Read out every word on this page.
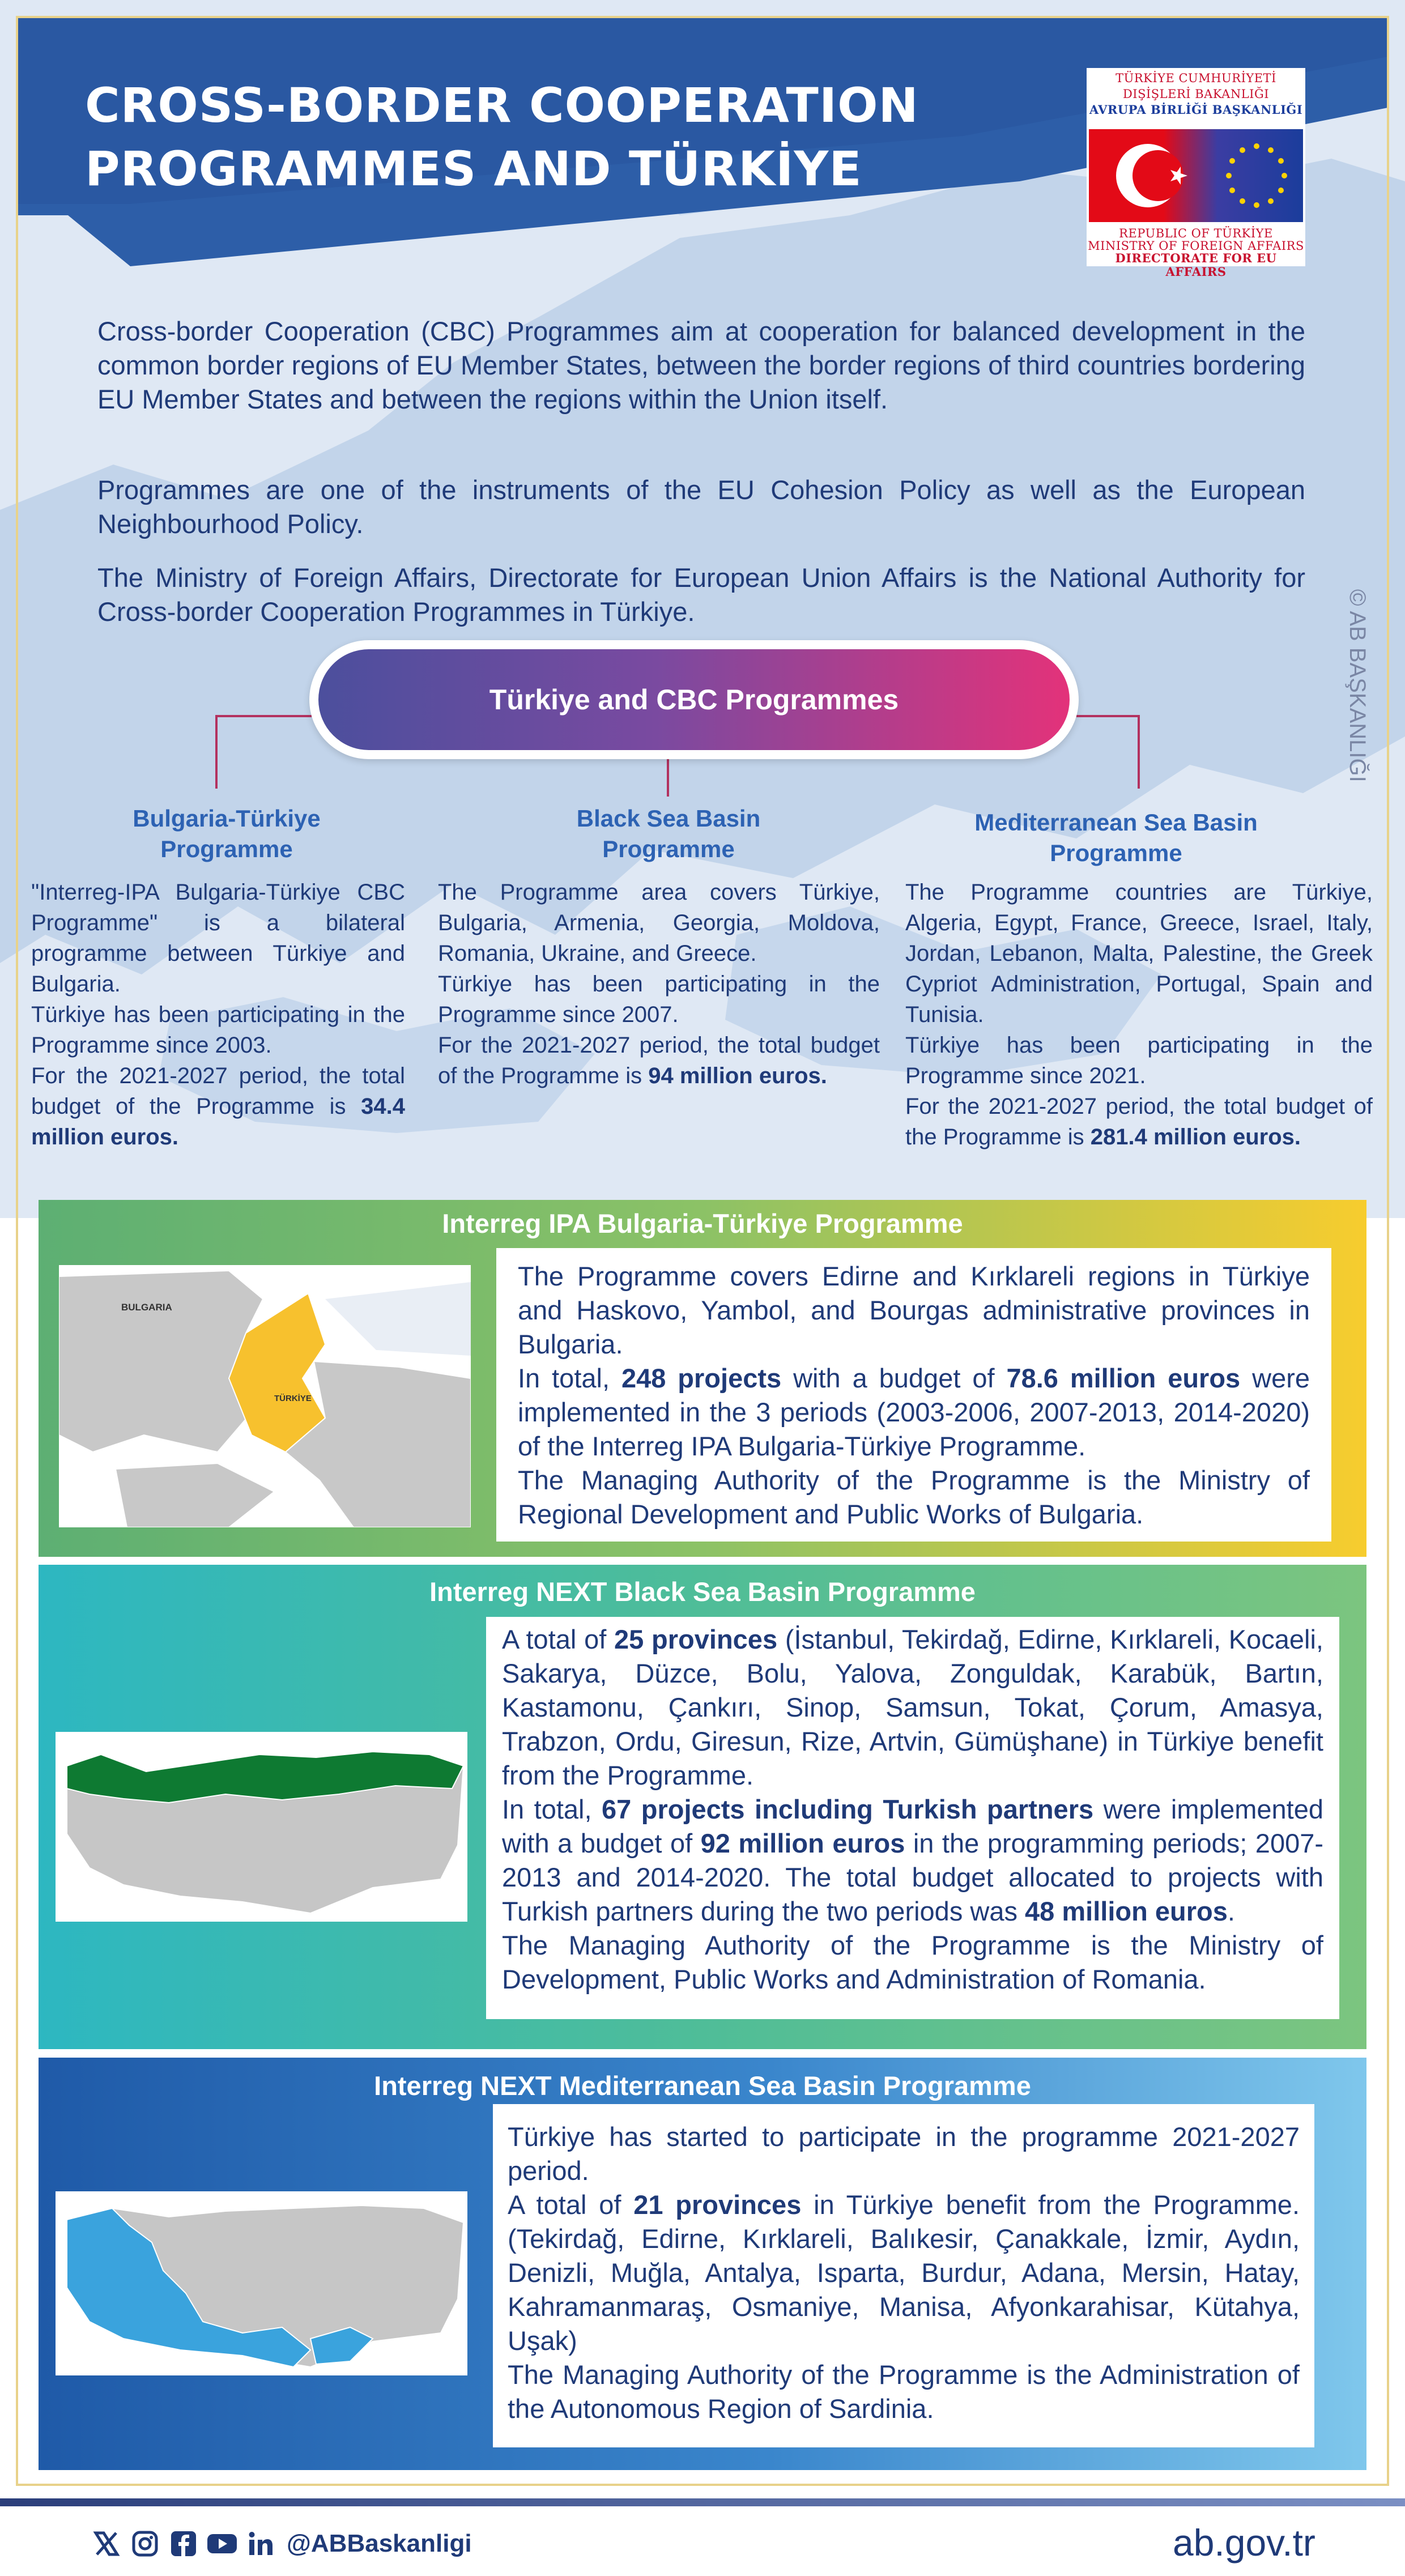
CROSS-BORDER COOPERATION
PROGRAMMES AND TÜRKİYE
TÜRKİYE CUMHURİYETİ
DIŞİŞLERİ BAKANLIĞI
AVRUPA BİRLİĞİ BAŞKANLIĞI
REPUBLIC OF TÜRKİYE
MINISTRY OF FOREIGN AFFAIRS
DIRECTORATE FOR EU AFFAIRS

Cross-border Cooperation (CBC) Programmes aim at cooperation for balanced development in the common border regions of EU Member States, between the border regions of third countries bordering EU Member States and between the regions within the Union itself.

Programmes are one of the instruments of the EU Cohesion Policy as well as the European Neighbourhood Policy.

The Ministry of Foreign Affairs, Directorate for European Union Affairs is the National Authority for Cross-border Cooperation Programmes in Türkiye.	© AB BAŞKANLIĞI
Türkiye and CBC Programmes
Bulgaria-Türkiye Programme

"Interreg-IPA Bulgaria-Türkiye CBC Programme" is a bilateral programme between Türkiye and Bulgaria.

Türkiye has been participating in the Programme since 2003.

For the 2021-2027 period, the total budget of the Programme is 34.4 million euros.

Black Sea Basin Programme

The Programme area covers Türkiye, Bulgaria, Armenia, Georgia, Moldova, Romania, Ukraine, and Greece.

Türkiye has been participating in the Programme since 2007.

For the 2021-2027 period, the total budget of the Programme is 94 million euros.

Mediterranean Sea Basin Programme

The Programme countries are Türkiye, Algeria, Egypt, France, Greece, Israel, Italy, Jordan, Lebanon, Malta, Palestine, the Greek Cypriot Administration, Portugal, Spain and Tunisia.

Türkiye has been participating in the Programme since 2021.

For the 2021-2027 period, the total budget of the Programme is 281.4 million euros.

Interreg IPA Bulgaria-Türkiye Programme
BULGARIA
TÜRKİYE

The Programme covers Edirne and Kırklareli regions in Türkiye and Haskovo, Yambol, and Bourgas administrative provinces in Bulgaria.

In total, 248 projects with a budget of 78.6 million euros were implemented in the 3 periods (2003-2006, 2007-2013, 2014-2020) of the Interreg IPA Bulgaria-Türkiye Programme.

The Managing Authority of the Programme is the Ministry of Regional Development and Public Works of Bulgaria.

Interreg NEXT Black Sea Basin Programme

A total of 25 provinces (İstanbul, Tekirdağ, Edirne, Kırklareli, Kocaeli, Sakarya, Düzce, Bolu, Yalova, Zonguldak, Karabük, Bartın, Kastamonu, Çankırı, Sinop, Samsun, Tokat, Çorum, Amasya, Trabzon, Ordu, Giresun, Rize, Artvin, Gümüşhane) in Türkiye benefit from the Programme.

In total, 67 projects including Turkish partners were implemented with a budget of 92 million euros in the programming periods; 2007-2013 and 2014-2020. The total budget allocated to projects with Turkish partners during the two periods was 48 million euros.

The Managing Authority of the Programme is the Ministry of Development, Public Works and Administration of Romania.

Interreg NEXT Mediterranean Sea Basin Programme

Türkiye has started to participate in the programme 2021-2027 period.

A total of 21 provinces in Türkiye benefit from the Programme. (Tekirdağ, Edirne, Kırklareli, Balıkesir, Çanakkale, İzmir, Aydın, Denizli, Muğla, Antalya, Isparta, Burdur, Adana, Mersin, Hatay, Kahramanmaraş, Osmaniye, Manisa, Afyonkarahisar, Kütahya, Uşak)

The Managing Authority of the Programme is the Administration of the Autonomous Region of Sardinia.

@ABBaskanligi	ab.gov.tr
